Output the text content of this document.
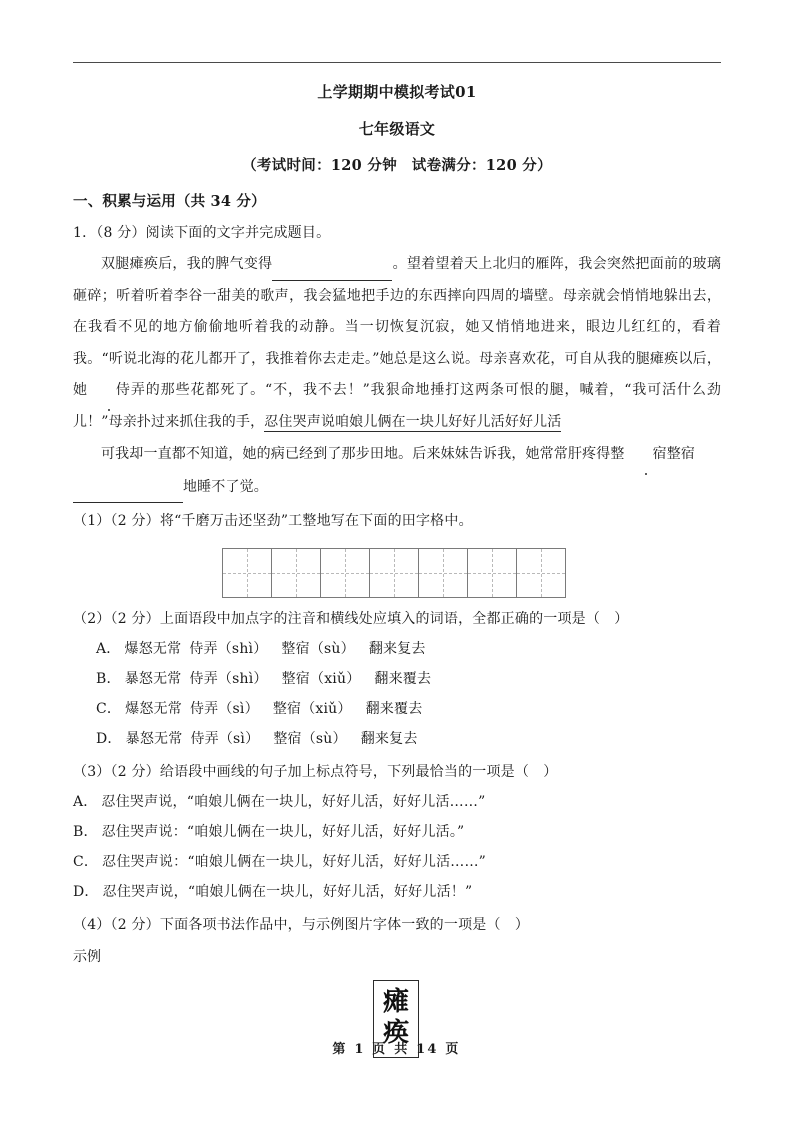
上学期期中模拟考试01
七年级语文
（考试时间：120 分钟　试卷满分：120 分）
一、积累与运用（共 34 分）
1．（8 分）阅读下面的文字并完成题目。
双腿瘫痪后，我的脾气变得	。望着望着天上北归的雁阵，我会突然把面前的玻璃砸碎；听着听着李谷一甜美的歌声，我会猛地把手边的东西摔向四周的墙壁。母亲就会悄悄地躲出去，在我看不见的地方偷偷地听着我的动静。当一切恢复沉寂，她又悄悄地进来，眼边儿红红的，看着我。“听说北海的花儿都开了，我推着你去走走。”她总是这么说。母亲喜欢花，可自从我的腿瘫痪以后，她 侍弄的那些花都死了。“不，我不去！”我狠命地捶打这两条可恨的腿，喊着，“我可活什么劲儿！”母亲扑过来抓住我的手，忍住哭声说咱娘儿俩在一块儿好好儿活好好儿活
可我却一直都不知道，她的病已经到了那步田地。后来妹妹告诉我，她常常肝疼得整 宿整宿
地睡不了觉。
（1）（2 分）将“千磨万击还坚劲”工整地写在下面的田字格中。
（2）（2 分）上面语段中加点字的注音和横线处应填入的词语，全都正确的一项是（　）
A． 爆怒无常 侍弄（shì） 整宿（sù） 翻来复去
B． 暴怒无常 侍弄（shì） 整宿（xiǔ） 翻来覆去
C． 爆怒无常 侍弄（sì） 整宿（xiǔ） 翻来覆去
D． 暴怒无常 侍弄（sì） 整宿（sù） 翻来复去
（3）（2 分）给语段中画线的句子加上标点符号，下列最恰当的一项是（　）
A． 忍住哭声说，“咱娘儿俩在一块儿，好好儿活，好好儿活……”
B． 忍住哭声说：“咱娘儿俩在一块儿，好好儿活，好好儿活。”
C． 忍住哭声说：“咱娘儿俩在一块儿，好好儿活，好好儿活……”
D． 忍住哭声说，“咱娘儿俩在一块儿，好好儿活，好好儿活！”
（4）（2 分）下面各项书法作品中，与示例图片字体一致的一项是（　）
示例
瘫
痪
第 1 页 共 14 页
